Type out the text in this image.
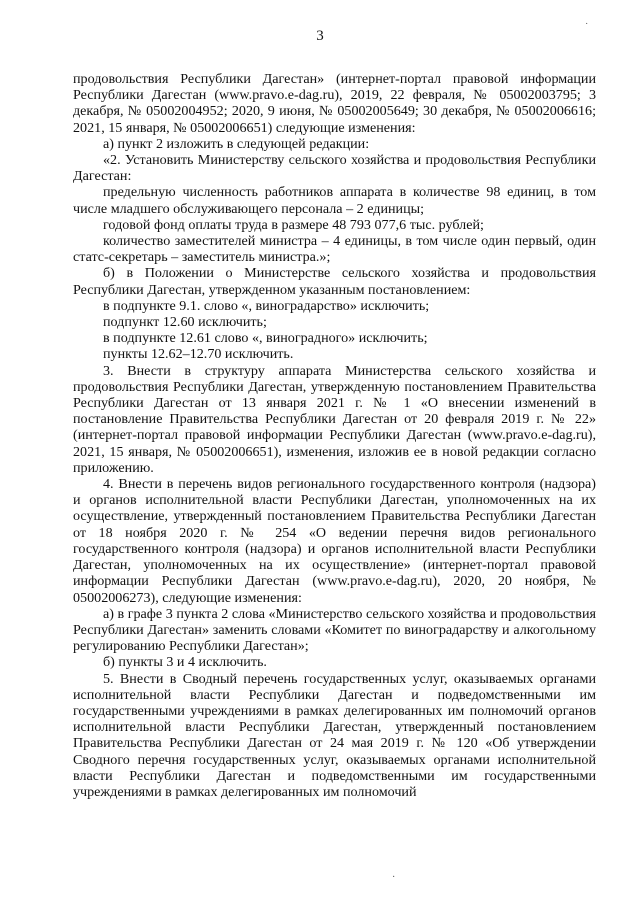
3
˙

продовольствия Республики Дагестан» (интернет-портал правовой информации Республики Дагестан (www.pravo.e-dag.ru), 2019, 22 февраля, № 05002003795; 3 декабря, № 05002004952; 2020, 9 июня, № 05002005649; 30 декабря, № 05002006616; 2021, 15 января, № 05002006651) следующие изменения:

а) пункт 2 изложить в следующей редакции:

«2. Установить Министерству сельского хозяйства и продовольствия Республики Дагестан:

предельную численность работников аппарата в количестве 98 единиц, в том числе младшего обслуживающего персонала – 2 единицы;

годовой фонд оплаты труда в размере 48 793 077,6 тыс. рублей;

количество заместителей министра – 4 единицы, в том числе один первый, один статс-секретарь – заместитель министра.»;

б) в Положении о Министерстве сельского хозяйства и продовольствия Республики Дагестан, утвержденном указанным постановлением:

в подпункте 9.1. слово «, виноградарство» исключить;

подпункт 12.60 исключить;

в подпункте 12.61 слово «, виноградного» исключить;

пункты 12.62–12.70 исключить.

3. Внести в структуру аппарата Министерства сельского хозяйства и продовольствия Республики Дагестан, утвержденную постановлением Правительства Республики Дагестан от 13 января 2021 г. № 1 «О внесении изменений в постановление Правительства Республики Дагестан от 20 февраля 2019 г. № 22» (интернет-портал правовой информации Республики Дагестан (www.pravo.e-dag.ru), 2021, 15 января, № 05002006651), изменения, изложив ее в новой редакции согласно приложению.

4. Внести в перечень видов регионального государственного контроля (надзора) и органов исполнительной власти Республики Дагестан, уполномоченных на их осуществление, утвержденный постановлением Правительства Республики Дагестан от 18 ноября 2020 г. № 254 «О ведении перечня видов регионального государственного контроля (надзора) и органов исполнительной власти Республики Дагестан, уполномоченных на их осуществление» (интернет-портал правовой информации Республики Дагестан (www.pravo.e-dag.ru), 2020, 20 ноября, № 05002006273), следующие изменения:

а) в графе 3 пункта 2 слова «Министерство сельского хозяйства и продовольствия Республики Дагестан» заменить словами «Комитет по виноградарству и алкогольному регулированию Республики Дагестан»;

б) пункты 3 и 4 исключить.

5. Внести в Сводный перечень государственных услуг, оказываемых органами исполнительной власти Республики Дагестан и подведомственными им государственными учреждениями в рамках делегированных им полномочий органов исполнительной власти Республики Дагестан, утвержденный постановлением Правительства Республики Дагестан от 24 мая 2019 г. № 120 «Об утверждении Сводного перечня государственных услуг, оказываемых органами исполнительной власти Республики Дагестан и подведомственными им государственными учреждениями в рамках делегированных им полномочий

·
